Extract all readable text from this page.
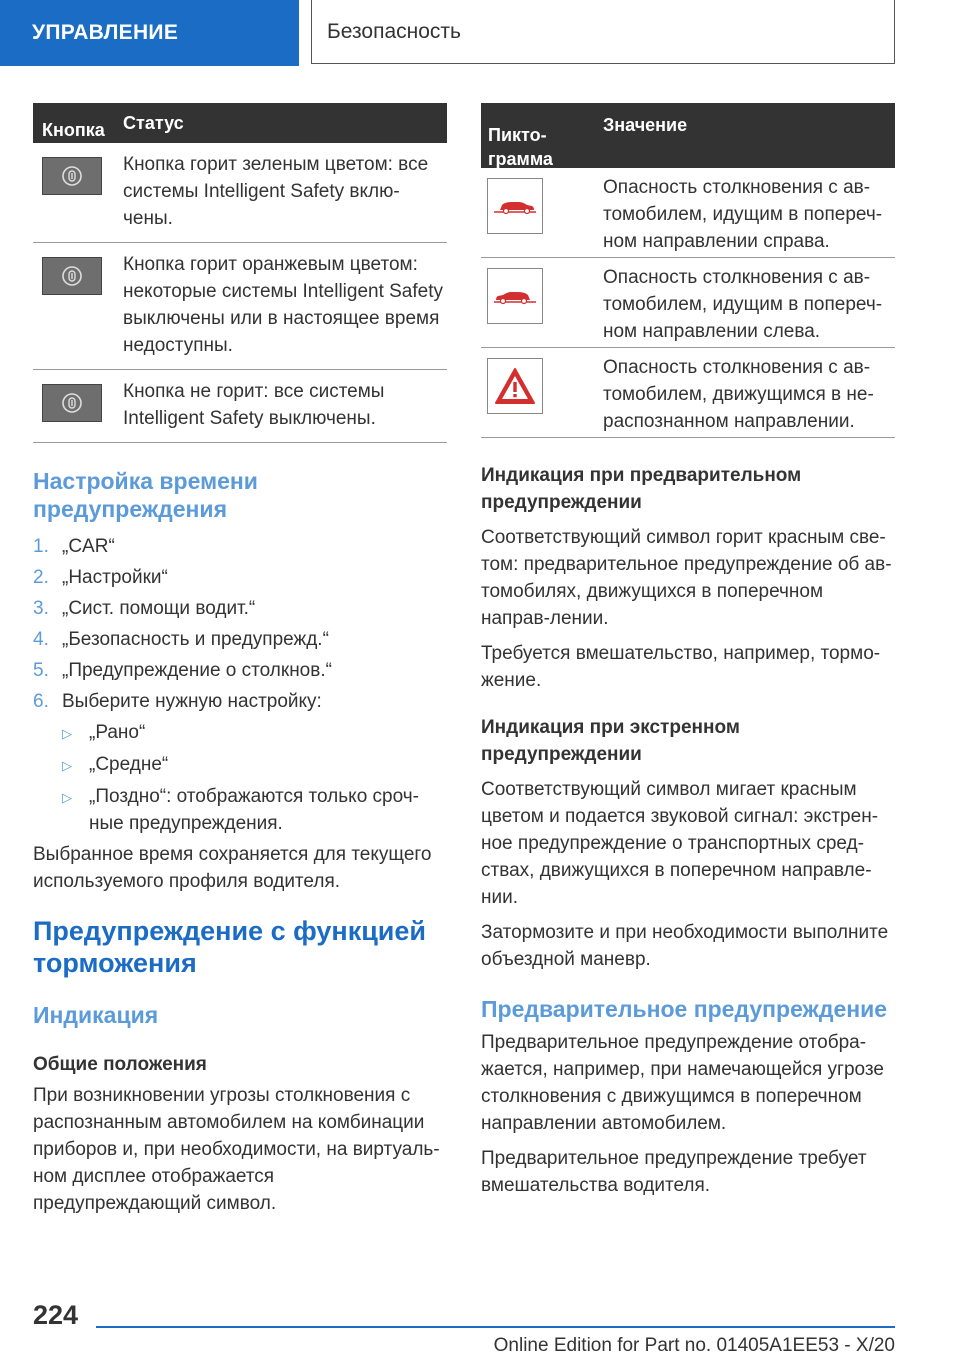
УПРАВЛЕНИЕ	Безопасность
Кнопка	Статус
Кнопка горит зеленым цветом: все системы Intelligent Safety вклю-чены.
Кнопка горит оранжевым цветом: некоторые системы Intelligent Safety выключены или в настоящее время недоступны.
Кнопка не горит: все системы Intelligent Safety выключены.
Настройка времени предупреждения
1. „CAR“
2. „Настройки“
3. „Сист. помощи водит.“
4. „Безопасность и предупрежд.“
5. „Предупреждение о столкнов.“
6. Выберите нужную настройку:
▷ „Рано“
▷ „Средне“
▷ „Поздно“: отображаются только сроч-ные предупреждения.

Выбранное время сохраняется для текущего используемого профиля водителя.

Предупреждение с функцией торможения
Индикация
Общие положения

При возникновении угрозы столкновения с распознанным автомобилем на комбинации приборов и, при необходимости, на виртуаль-ном дисплее отображается предупреждающий символ.

Пикто-грамма
Значение
Опасность столкновения с ав-томобилем, идущим в попереч-ном направлении справа.
Опасность столкновения с ав-томобилем, идущим в попереч-ном направлении слева.
Опасность столкновения с ав-томобилем, движущимся в не-распознанном направлении.
Индикация при предварительном предупреждении

Соответствующий символ горит красным све-том: предварительное предупреждение об ав-томобилях, движущихся в поперечном направ-лении.

Требуется вмешательство, например, тормо-жение.

Индикация при экстренном предупреждении

Соответствующий символ мигает красным цветом и подается звуковой сигнал: экстрен-ное предупреждение о транспортных сред-ствах, движущихся в поперечном направле-нии.

Затормозите и при необходимости выполните объездной маневр.

Предварительное предупреждение

Предварительное предупреждение отобра-жается, например, при намечающейся угрозе столкновения с движущимся в поперечном направлении автомобилем.

Предварительное предупреждение требует вмешательства водителя.

224
Online Edition for Part no. 01405A1EE53 - X/20
